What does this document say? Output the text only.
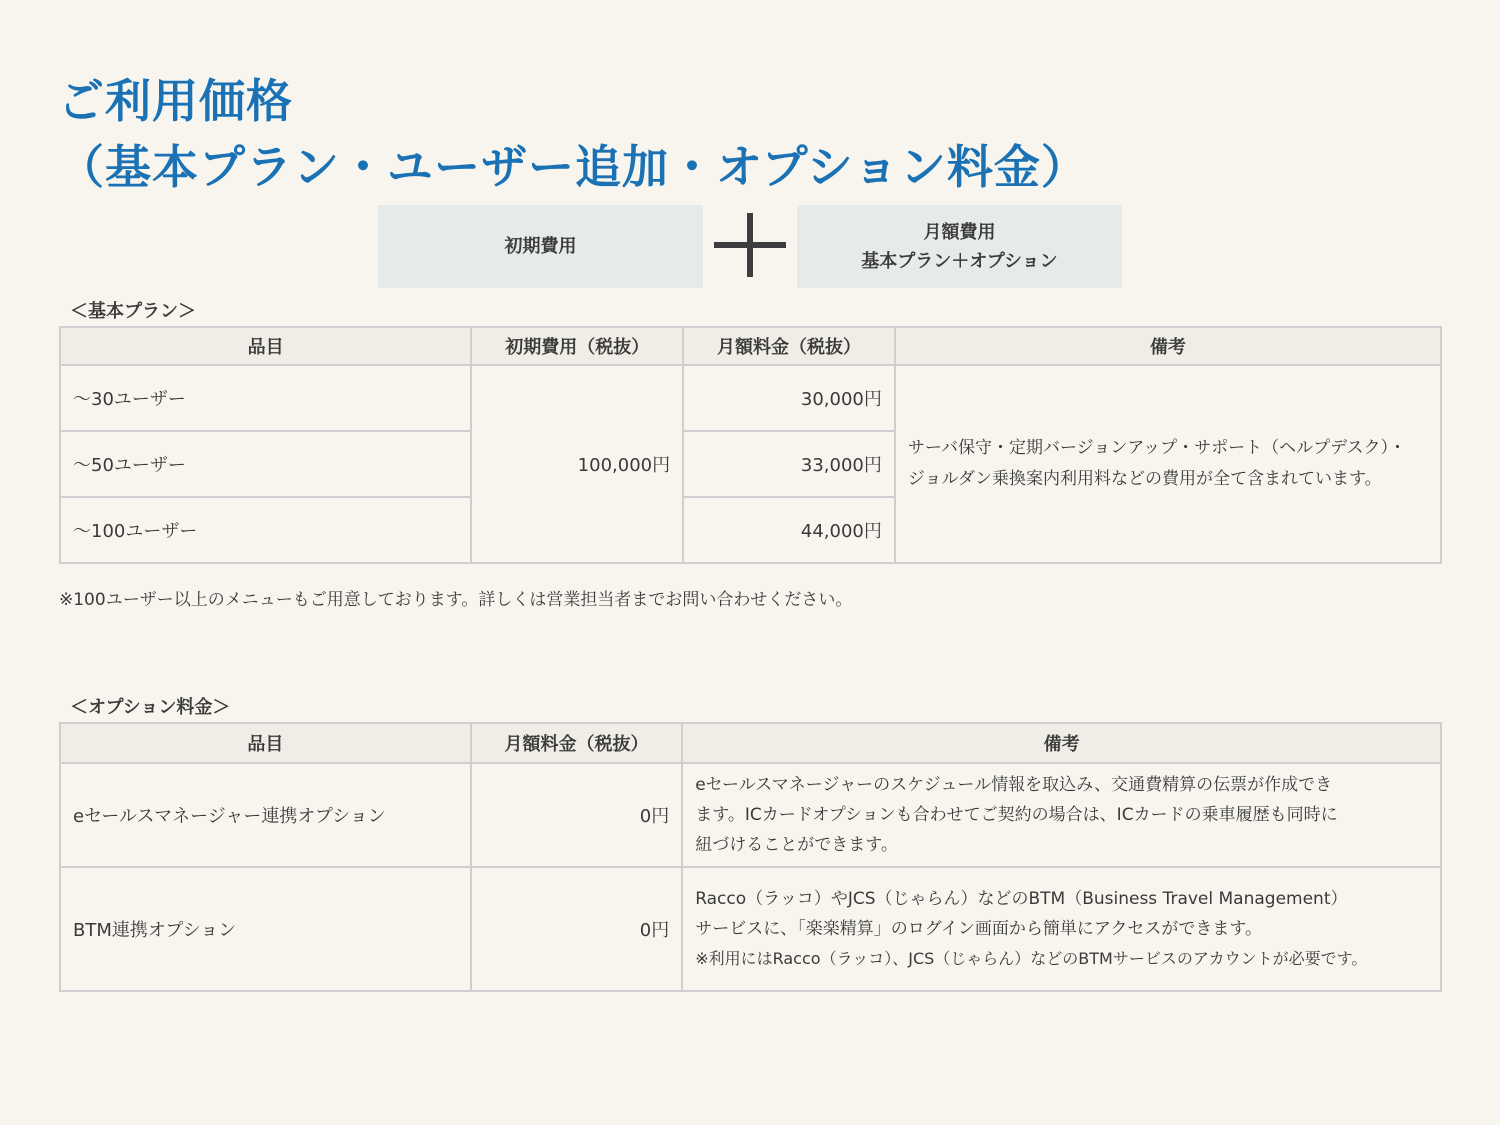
ご利用価格
（基本プラン・ユーザー追加・オプション料金）
初期費用
月額費用
基本プラン＋オプション
＜基本プラン＞
品目	初期費用（税抜）	月額料金（税抜）	備考
～30ユーザー	100,000円	30,000円	サーバ保守・定期バージョンアップ・サポート（ヘルプデスク）・
ジョルダン乗換案内利用料などの費用が全て含まれています。

～50ユーザー		33,000円	
～100ユーザー		44,000円	
※100ユーザー以上のメニューもご用意しております。詳しくは営業担当者までお問い合わせください。
＜オプション料金＞
品目	月額料金（税抜）	備考
eセールスマネージャー連携オプション	0円	eセールスマネージャーのスケジュール情報を取込み、交通費精算の伝票が作成でき
ます。ICカードオプションも合わせてご契約の場合は、ICカードの乗車履歴も同時に
紐づけることができます。

BTM連携オプション	0円	Racco（ラッコ）やJCS（じゃらん）などのBTM（Business Travel Management）
サービスに、「楽楽精算」のログイン画面から簡単にアクセスができます。
※利用にはRacco（ラッコ）、JCS（じゃらん）などのBTMサービスのアカウントが必要です。
